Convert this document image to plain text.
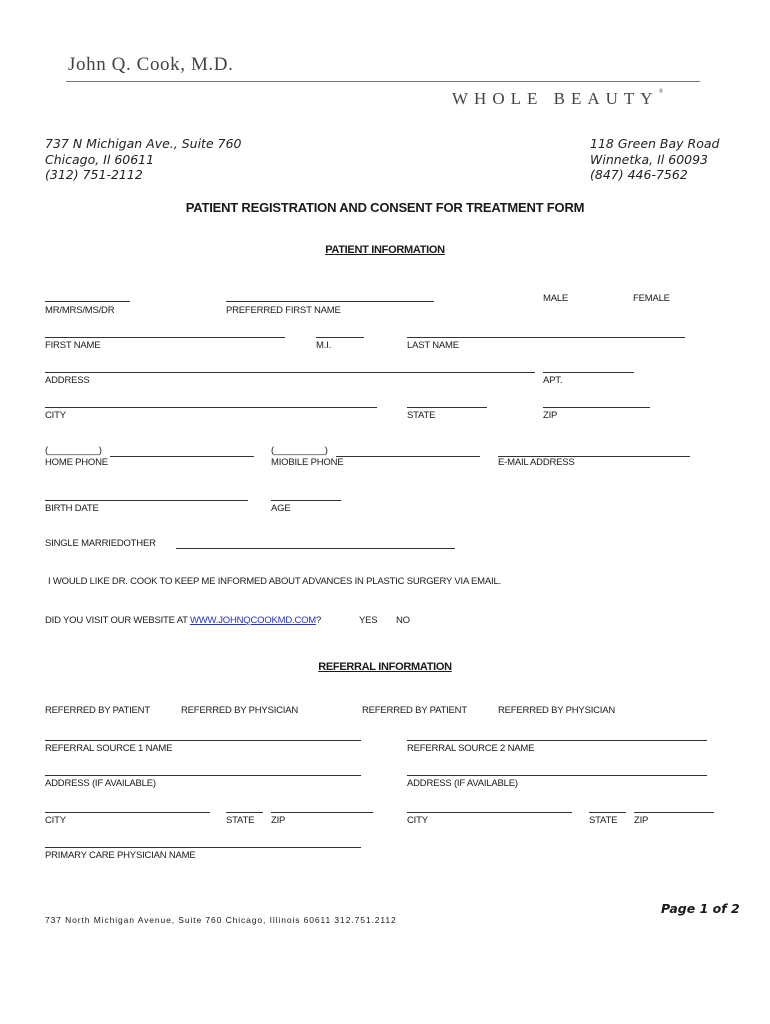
John Q. Cook, M.D.
WHOLE BEAUTY®
737 N Michigan Ave., Suite 760
Chicago, Il 60611
(312) 751-2112
118 Green Bay Road
Winnetka, Il 60093
(847) 446-7562
PATIENT REGISTRATION AND CONSENT FOR TREATMENT FORM
PATIENT INFORMATION
MR/MRS/MS/DR	PREFERRED FIRST NAME
MALE	FEMALE
FIRST NAME	M.I.	LAST NAME
ADDRESS	APT.
CITY	STATE	ZIP
(__________)
HOME PHONE
(__________)
MIOBILE PHONE	E-MAIL ADDRESS
BIRTH DATE	AGE
SINGLE MARRIEDOTHER
I WOULD LIKE DR. COOK TO KEEP ME INFORMED ABOUT ADVANCES IN PLASTIC SURGERY VIA EMAIL.
DID YOU VISIT OUR WEBSITE AT WWW.JOHNQCOOKMD.COM?	YES NO
REFERRAL INFORMATION
REFERRED BY PATIENT	REFERRED BY PHYSICIAN	REFERRED BY PATIENT	REFERRED BY PHYSICIAN
REFERRAL SOURCE 1 NAME	REFERRAL SOURCE 2 NAME
ADDRESS (IF AVAILABLE)	ADDRESS (IF AVAILABLE)
CITY	STATE ZIP	CITY	STATE ZIP
PRIMARY CARE PHYSICIAN NAME
Page 1 of 2
737 North Michigan Avenue, Suite 760 Chicago, Illinois 60611 312.751.2112
